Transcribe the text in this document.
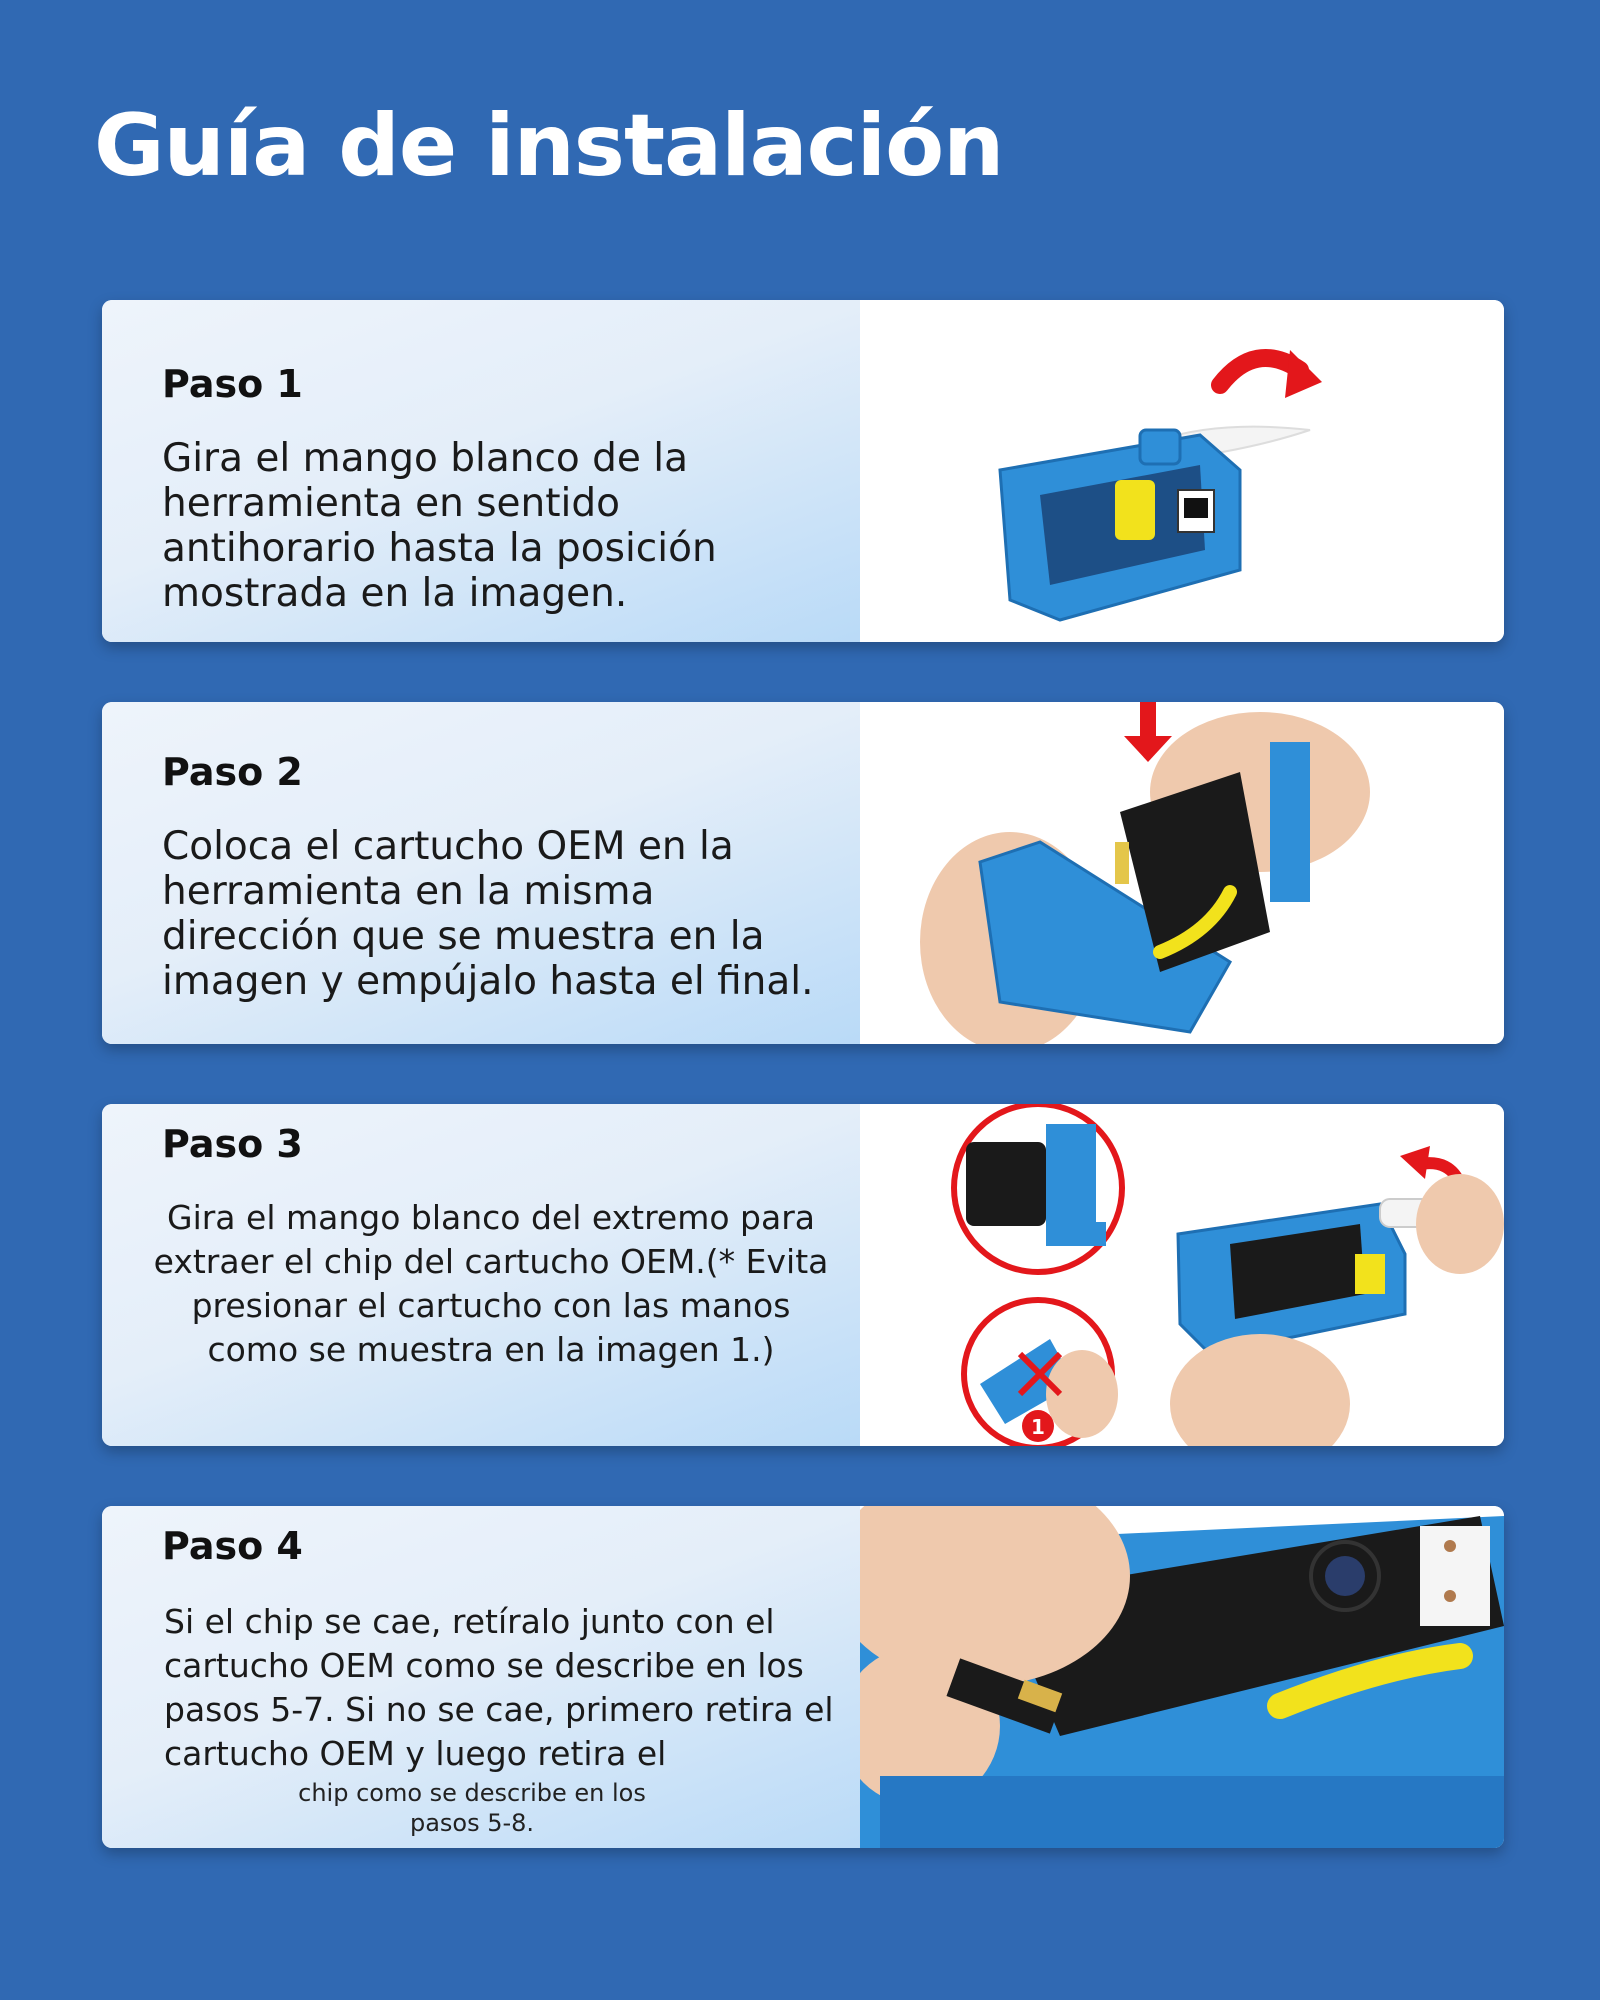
Guía de instalación
Paso 1
Gira el mango blanco de la herramienta en sentido antihorario hasta la posición mostrada en la imagen.
Paso 2
Coloca el cartucho OEM en la herramienta en la misma dirección que se muestra en la imagen y empújalo hasta el final.
Paso 3
Gira el mango blanco del extremo para extraer el chip del cartucho OEM.(* Evita presionar el cartucho con las manos como se muestra en la imagen 1.)
1
Paso 4
Si el chip se cae, retíralo junto con el cartucho OEM como se describe en los pasos 5-7. Si no se cae, primero retira el cartucho OEM y luego retira el
chip como se describe en los pasos 5-8.
